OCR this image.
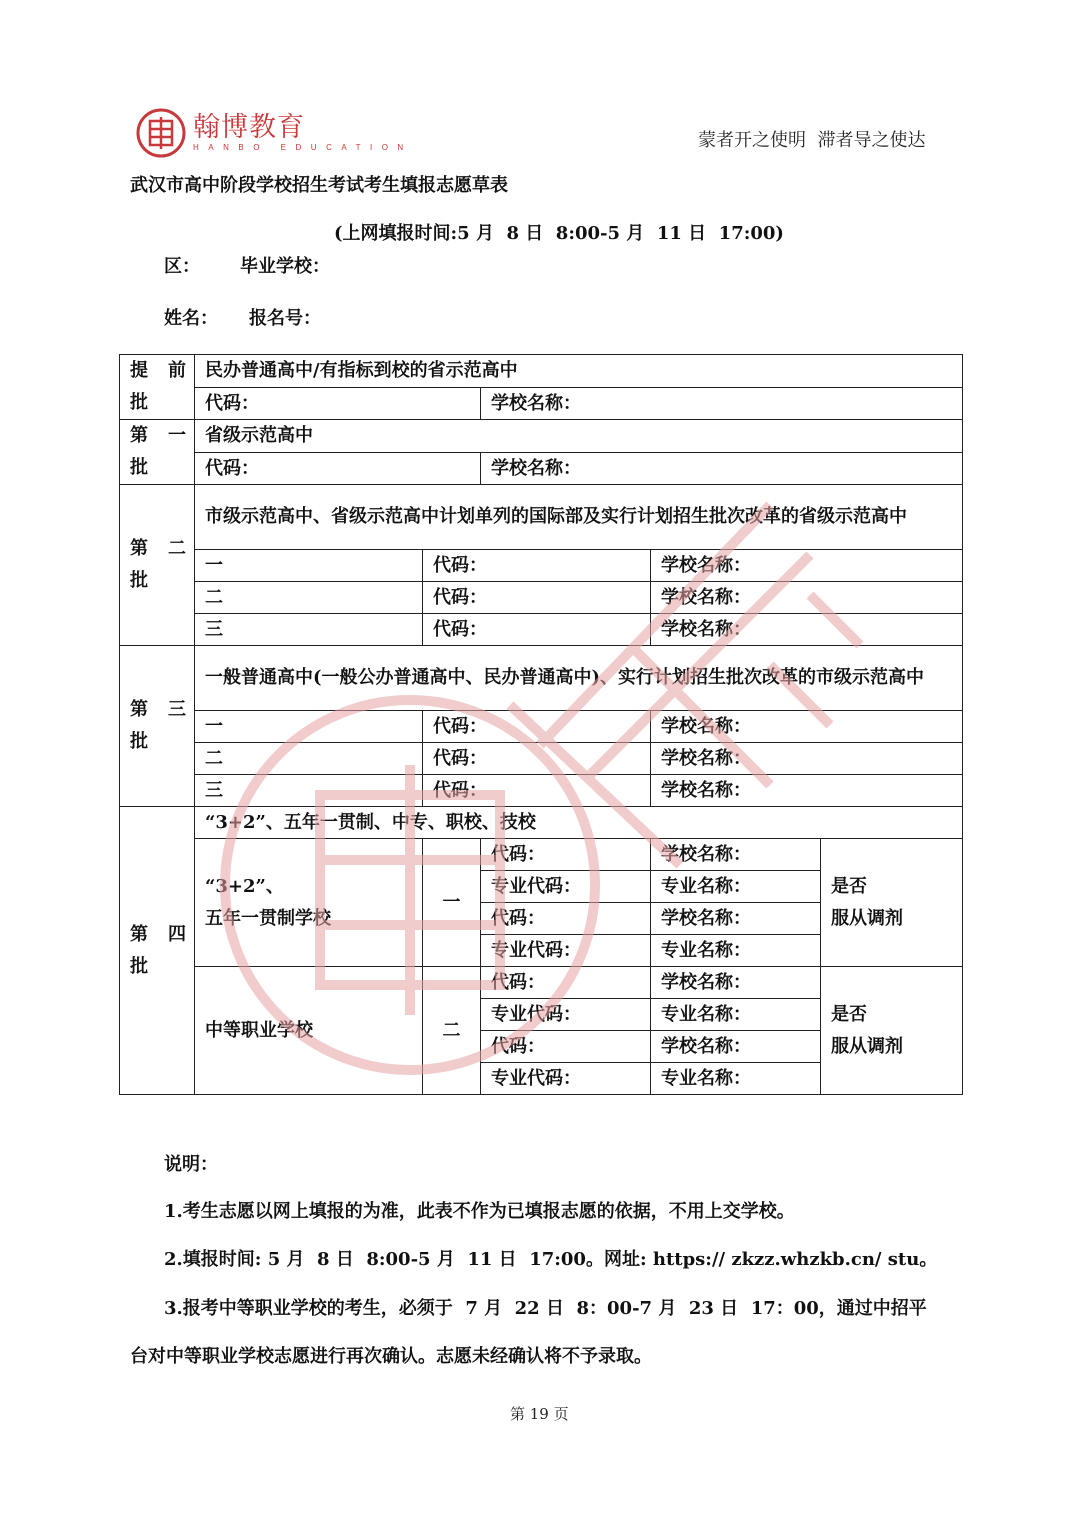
翰博教育
HANBO EDUCATION	蒙者开之使明  滞者导之使达
武汉市高中阶段学校招生考试考生填报志愿草表
(上网填报时间:5 月  8 日  8:00-5 月  11 日  17:00)
区： 毕业学校：
姓名： 报名号：
提 前
批	民办普通高中/有指标到校的省示范高中				
	代码：		学校名称：		
第 一
批	省级示范高中				
	代码：		学校名称：		
第 二
批	市级示范高中、省级示范高中计划单列的国际部及实行计划招生批次改革的省级示范高中				
	一	代码：		学校名称：	
	二	代码：		学校名称：	
	三	代码：		学校名称：	
第 三
批	一般普通高中(一般公办普通高中、民办普通高中)、实行计划招生批次改革的市级示范高中				
	一	代码：		学校名称：	
	二	代码：		学校名称：	
	三	代码：		学校名称：	
第 四
批	“3+2”、五年一贯制、中专、职校、技校				
	“3+2”、
五年一贯制学校	一	代码：	学校名称：	是否
服从调剂
			专业代码：	专业名称：	
			代码：	学校名称：	
			专业代码：	专业名称：	
	中等职业学校	二	代码：	学校名称：	是否
服从调剂
			专业代码：	专业名称：	
			代码：	学校名称：	
			专业代码：	专业名称：	
说明：
1.考生志愿以网上填报的为准，此表不作为已填报志愿的依据，不用上交学校。
2.填报时间: 5 月  8 日  8:00-5 月  11 日  17:00。网址: https:// zkzz.whzkb.cn/ stu。
3.报考中等职业学校的考生，必须于  7 月  22 日  8：00-7 月  23 日  17：00，通过中招平
台对中等职业学校志愿进行再次确认。志愿未经确认将不予录取。
第 19 页
